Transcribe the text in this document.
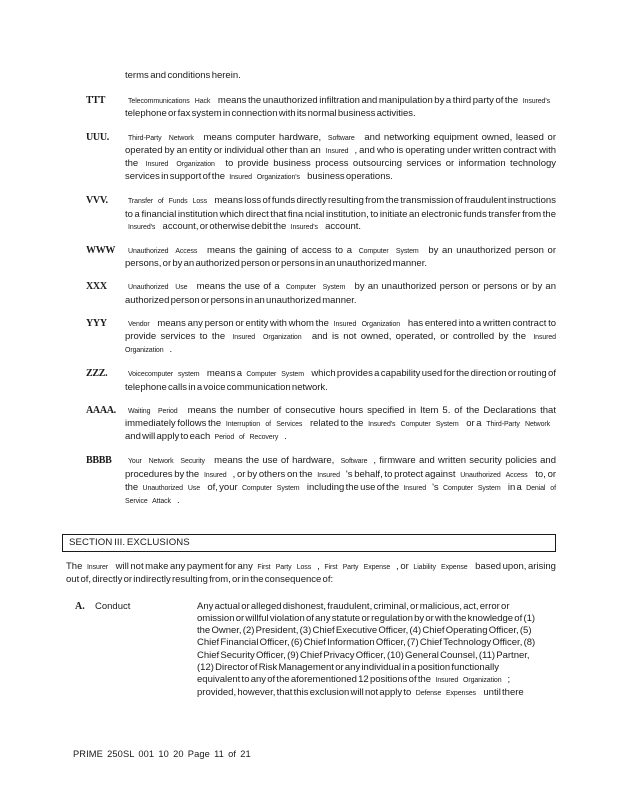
terms and conditions herein.

TTT	Telecommunications Hack means the unauthorized infiltration and manipulation by a third party of the Insured's telephone or fax system in connection with its normal business activities.
UUU.	Third-Party Network means computer hardware, Software and networking equipment owned, leased or operated by an entity or individual other than an Insured , and who is operating under written contract with the Insured Organization to provide business process outsourcing services or information technology services in support of the Insured Organization's business operations.
VVV.	Transfer of Funds Loss means loss of funds directly resulting from the transmission of fraudulent instructions to a financial institution which direct that fina ncial institution, to initiate an electronic funds transfer from the Insured's account, or otherwise debit the Insured's account.
WWW Unauthorized Access means the gaining of access to a Computer System by an unauthorized person or persons, or by an authorized person or persons in an unauthorized manner.
XXX	Unauthorized Use means the use of a Computer System by an unauthorized person or persons or by an authorized person or persons in an unauthorized manner.
YYY	Vendor means any person or entity with whom the Insured Organization has entered into a written contract to provide services to the Insured Organization and is not owned, operated, or controlled by the Insured Organization .
ZZZ.	Voicecomputer system means a Computer System which provides a capability used for the direction or routing of telephone calls in a voice communication network.
AAAA. Waiting Period means the number of consecutive hours specified in Item 5. of the Declarations that immediately follows the Interruption of Services related to the Insured's Computer System or a Third-Party Network and will apply to each Period of Recovery .
BBBB Your Network Security means the use of hardware, Software , firmware and written security policies and procedures by the Insured , or by others on the Insured 's behalf, to protect against Unauthorized Access to, or the Unauthorized Use of, your Computer System including the use of the Insured 's Computer System in a Denial of Service Attack .
SECTION III. EXCLUSIONS

The Insurer will not make any payment for any First Party Loss , First Party Expense , or Liability Expense based upon, arising out of, directly or indirectly resulting from, or in the consequence of:

A. Conduct	Any actual or alleged dishonest, fraudulent, criminal, or malicious, act, error or omission or willful violation of any statute or regulation by or with the knowledge of (1) the Owner, (2) President, (3) Chief Executive Officer, (4) Chief Operating Officer, (5) Chief Financial Officer, (6) Chief Information Officer, (7) Chief Technology Officer, (8) Chief Security Officer, (9) Chief Privacy Officer, (10) General Counsel, (11) Partner, (12) Director of Risk Management or any individual in a position functionally equivalent to any of the aforementioned 12 positions of the Insured Organization ; provided, however, that this exclusion will not apply to Defense Expenses until there
PRIME 250SL 001 10 20 Page 11 of 21
